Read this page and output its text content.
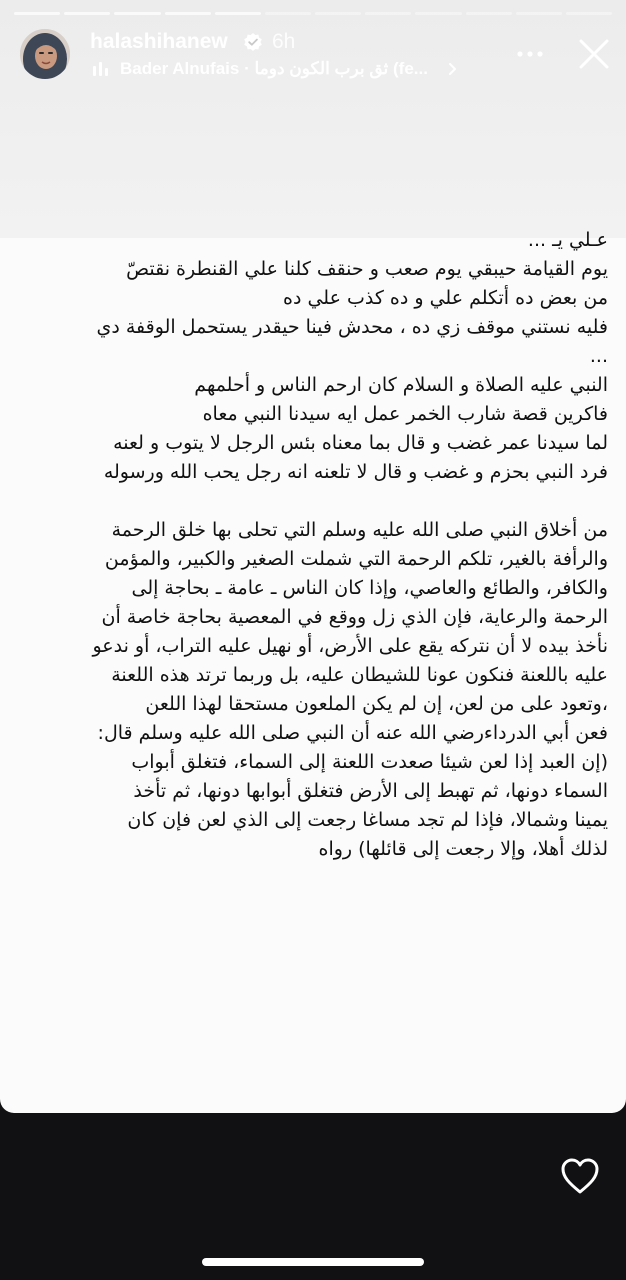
عـلي يـ ...

يوم القيامة حيبقي يوم صعب و حنقف كلنا علي القنطرة نقتصّ

من بعض ده أتكلم علي و ده كذب علي ده

فليه نستني موقف زي ده ، محدش فينا حيقدر يستحمل الوقفة دي

...

النبي عليه الصلاة و السلام كان ارحم الناس و أحلمهم

فاكرين قصة شارب الخمر عمل ايه سيدنا النبي معاه

لما سيدنا عمر غضب و قال بما معناه بئس الرجل لا يتوب و لعنه

فرد النبي بحزم و غضب و قال لا تلعنه انه رجل يحب الله ورسوله

من أخلاق النبي صلى الله عليه وسلم التي تحلى بها خلق الرحمة

والرأفة بالغير، تلكم الرحمة التي شملت الصغير والكبير، والمؤمن

والكافر، والطائع والعاصي، وإذا كان الناس ـ عامة ـ بحاجة إلى

الرحمة والرعاية، فإن الذي زل ووقع في المعصية بحاجة خاصة أن

نأخذ بيده لا أن نتركه يقع على الأرض، أو نهيل عليه التراب، أو ندعو

عليه باللعنة فنكون عونا للشيطان عليه، بل وربما ترتد هذه اللعنة

،وتعود على من لعن، إن لم يكن الملعون مستحقا لهذا اللعن

فعن أبي الدرداءرضي الله عنه أن النبي صلى الله عليه وسلم قال:

(إن العبد إذا لعن شيئا صعدت اللعنة إلى السماء، فتغلق أبواب

السماء دونها، ثم تهبط إلى الأرض فتغلق أبوابها دونها، ثم تأخذ

يمينا وشمالا، فإذا لم تجد مساغا رجعت إلى الذي لعن فإن كان

لذلك أهلا، وإلا رجعت إلى قائلها) رواه

halashihanew 6h
Bader Alnufais · ثق برب الكون دوما (fe...
